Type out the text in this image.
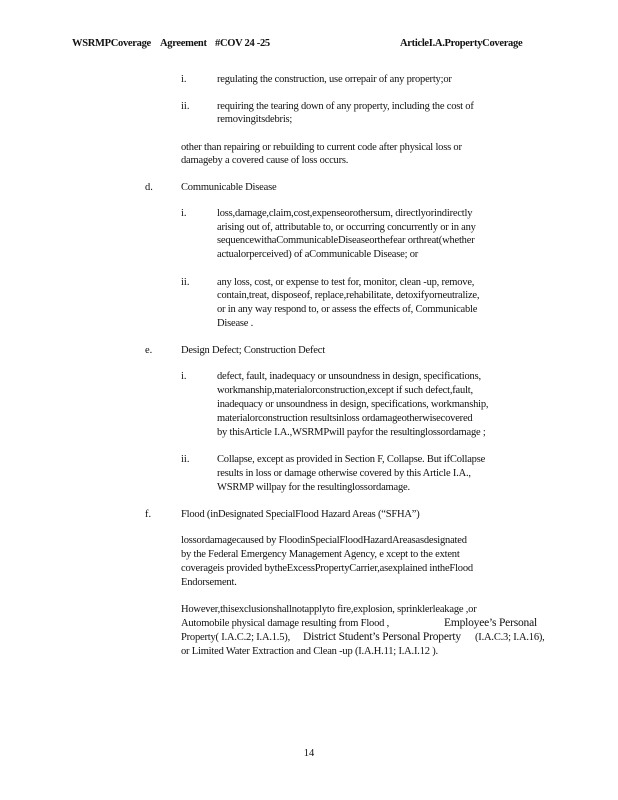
WSRMPCoverage Agreement #COV 24 -25	ArticleI.A.PropertyCoverage
i.	regulating the construction, use orrepair of any property;or
ii.	requiring the tearing down of any property, including the cost of
removingitsdebris;
other than repairing or rebuilding to current code after physical loss or
damageby a covered cause of loss occurs.
d.	Communicable Disease
i.	loss,damage,claim,cost,expenseorothersum, directlyorindirectly
arising out of, attributable to, or occurring concurrently or in any
sequencewithaCommunicableDiseaseorthefear orthreat(whether
actualorperceived) of aCommunicable Disease; or
ii.	any loss, cost, or expense to test for, monitor, clean -up, remove,
contain,treat, disposeof, replace,rehabilitate, detoxifyorneutralize,
or in any way respond to, or assess the effects of, Communicable
Disease .
e.	Design Defect; Construction Defect
i.	defect, fault, inadequacy or unsoundness in design, specifications,
workmanship,materialorconstruction,except if such defect,fault,
inadequacy or unsoundness in design, specifications, workmanship,
materialorconstruction resultsinloss ordamageotherwisecovered
by thisArticle I.A.,WSRMPwill payfor the resultinglossordamage ;
ii.	Collapse, except as provided in Section F, Collapse. But ifCollapse
results in loss or damage otherwise covered by this Article I.A.,
WSRMP willpay for the resultinglossordamage.
f.	Flood (inDesignated SpecialFlood Hazard Areas (“SFHA”)
lossordamagecaused by FloodinSpecialFloodHazardAreasasdesignated
by the Federal Emergency Management Agency, e xcept to the extent
coverageis provided bytheExcessPropertyCarrier,asexplained intheFlood
Endorsement.
However,thisexclusionshallnotapplyto fire,explosion, sprinklerleakage ,or
Automobile physical damage resulting from Flood ,	Employee’s Personal
Property( I.A.C.2; I.A.1.5), District Student’s Personal Property (I.A.C.3; I.A.16),
or Limited Water Extraction and Clean -up (I.A.H.11; I.A.I.12 ).
14
